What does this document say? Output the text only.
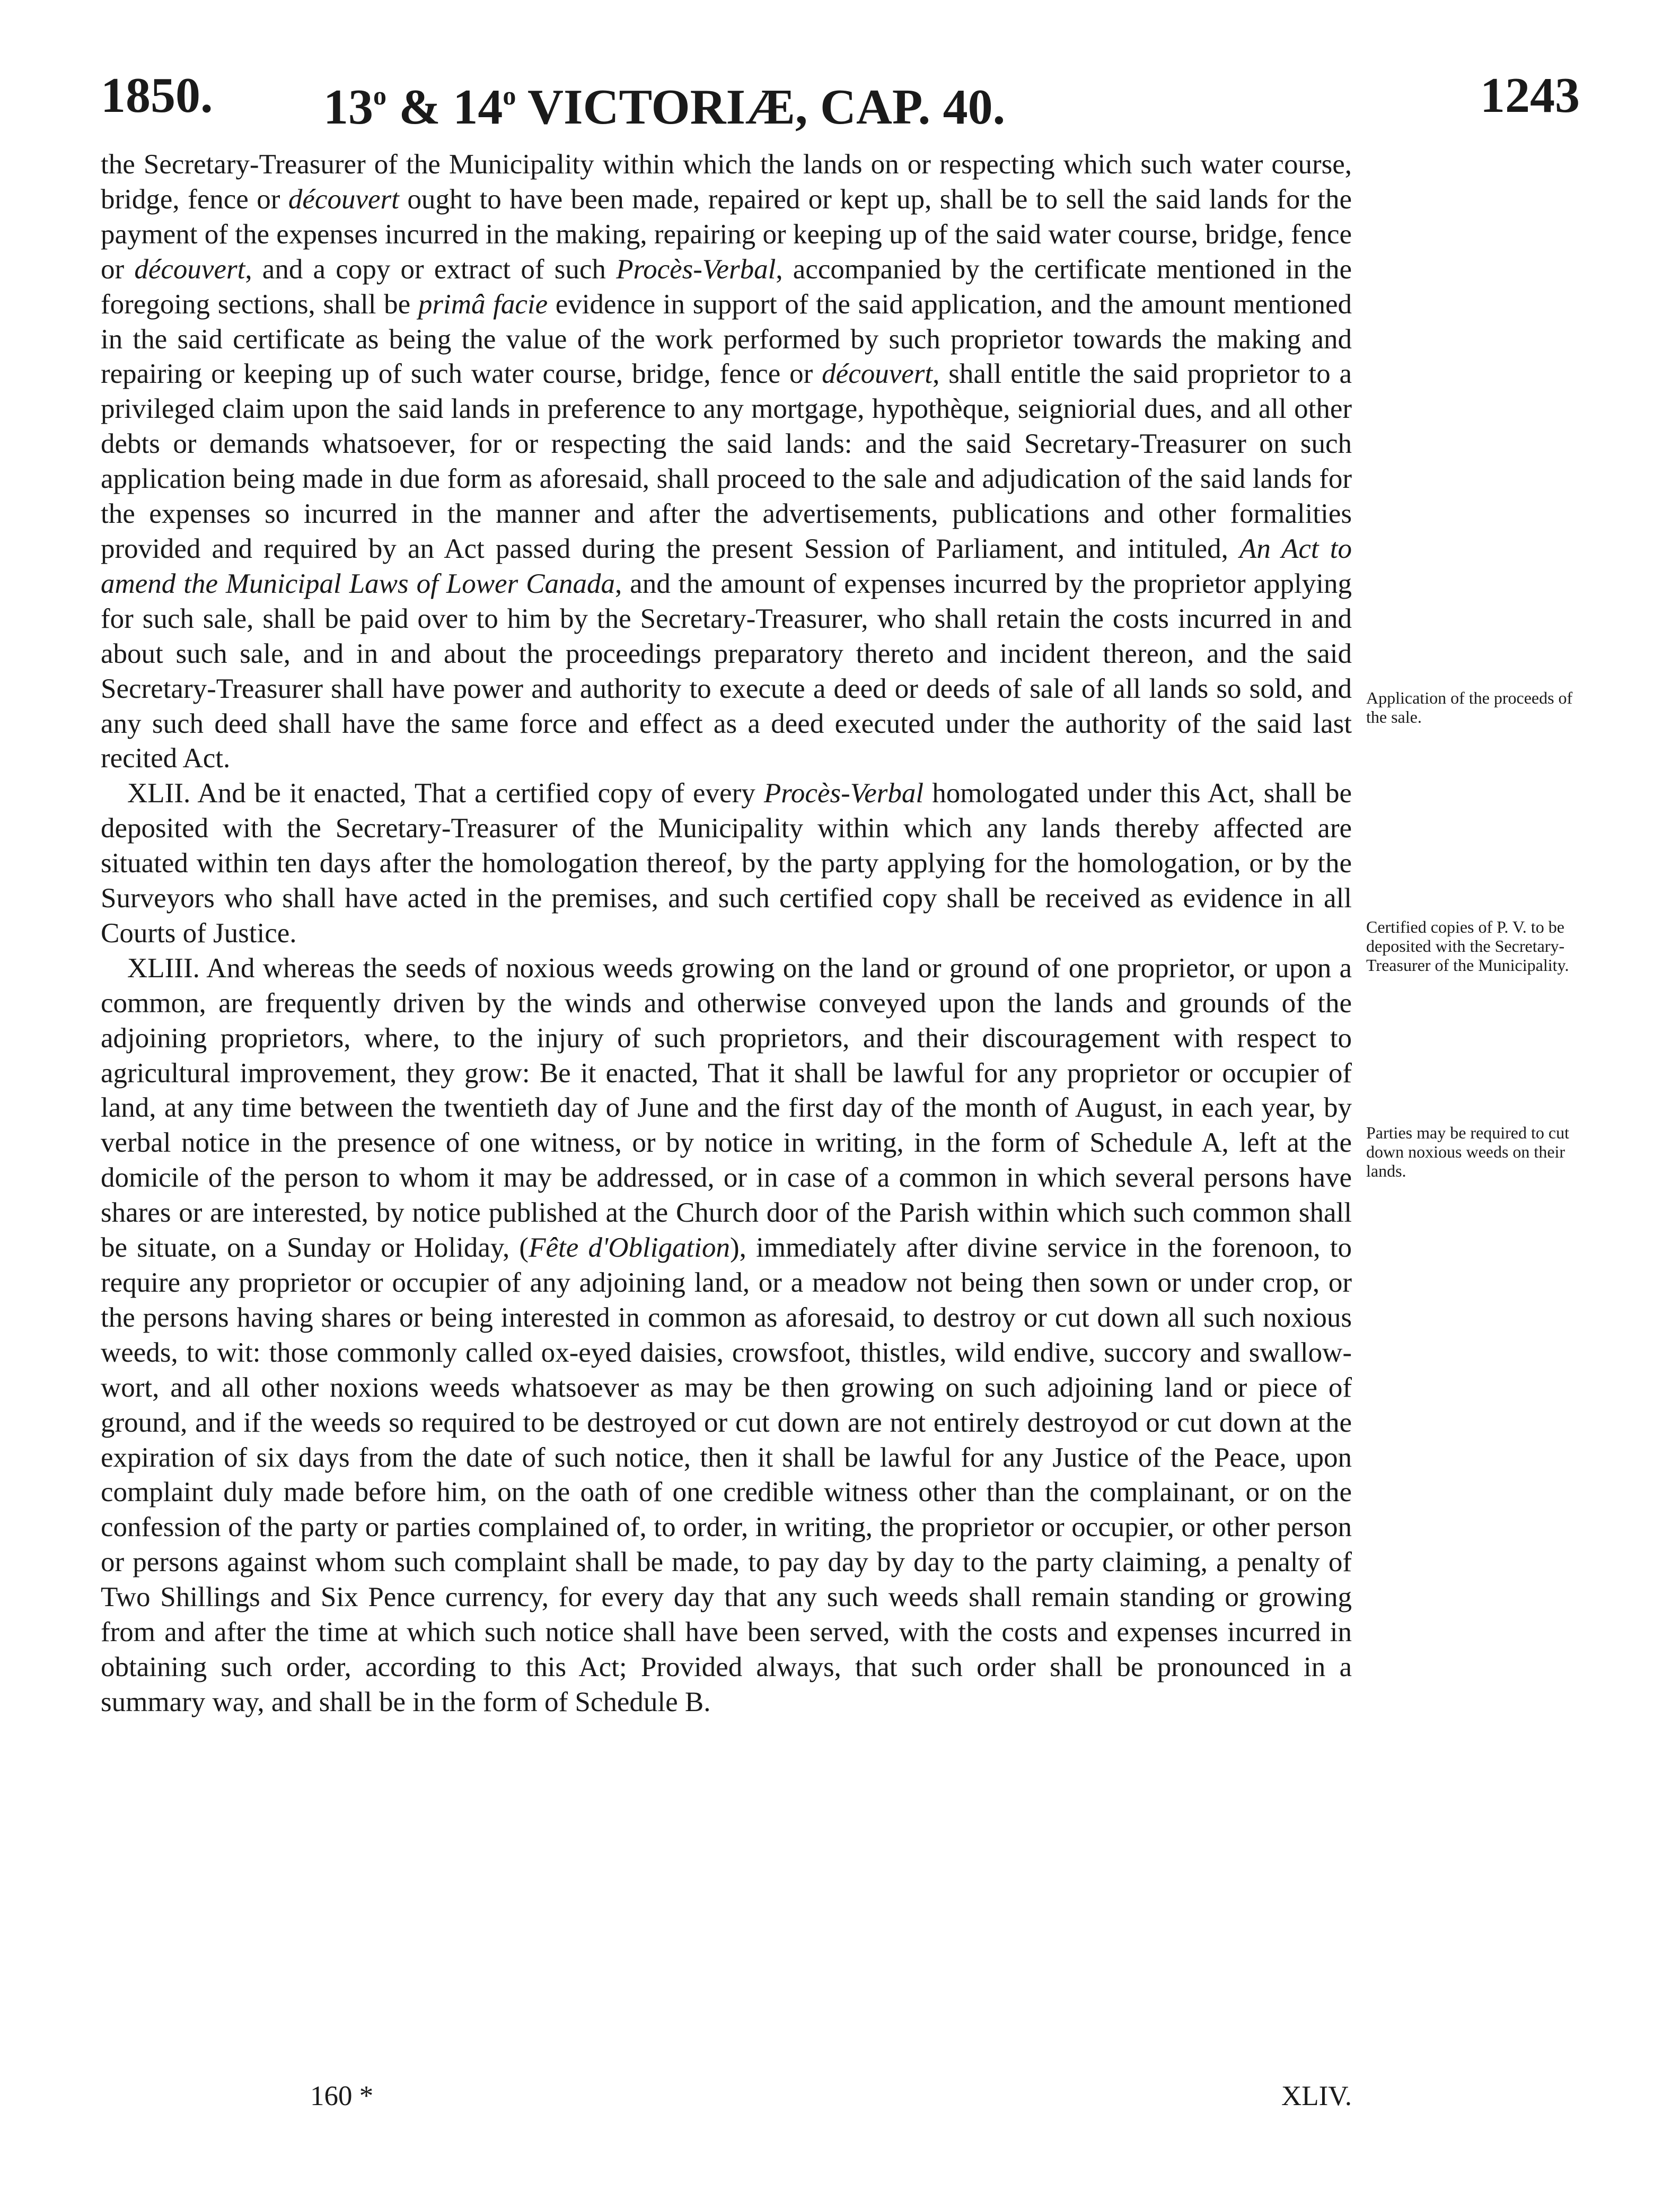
1850. 13$^o$ & 14$^o$ VICTORIÆ, CAP. 40.	1243

the Secretary-Treasurer of the Municipality within which the lands on or respecting which such water course, bridge, fence or découvert ought to have been made, repaired or kept up, shall be to sell the said lands for the payment of the expenses incurred in the making, repairing or keeping up of the said water course, bridge, fence or découvert, and a copy or extract of such Procès-Verbal, accompanied by the certificate mentioned in the foregoing sections, shall be primâ facie evidence in support of the said application, and the amount mentioned in the said certificate as being the value of the work performed by such proprietor towards the making and repairing or keeping up of such water course, bridge, fence or découvert, shall entitle the said proprietor to a privileged claim upon the said lands in preference to any mortgage, hypothèque, seigniorial dues, and all other debts or demands whatsoever, for or respecting the said lands: and the said Secretary-Treasurer on such application being made in due form as aforesaid, shall proceed to the sale and adjudication of the said lands for the expenses so incurred in the manner and after the advertisements, publications and other formalities provided and required by an Act passed during the present Session of Parliament, and intituled, An Act to amend the Municipal Laws of Lower Canada, and the amount of expenses incurred by the proprietor applying for such sale, shall be paid over to him by the Secretary-Treasurer, who shall retain the costs incurred in and about such sale, and in and about the proceedings preparatory thereto and incident thereon, and the said Secretary-Treasurer shall have power and authority to execute a deed or deeds of sale of all lands so sold, and any such deed shall have the same force and effect as a deed executed under the authority of the said last recited Act.

XLII. And be it enacted, That a certified copy of every Procès-Verbal homologated under this Act, shall be deposited with the Secretary-Treasurer of the Municipality within which any lands thereby affected are situated within ten days after the homologation thereof, by the party applying for the homologation, or by the Surveyors who shall have acted in the premises, and such certified copy shall be received as evidence in all Courts of Justice.

XLIII. And whereas the seeds of noxious weeds growing on the land or ground of one proprietor, or upon a common, are frequently driven by the winds and otherwise conveyed upon the lands and grounds of the adjoining proprietors, where, to the injury of such proprietors, and their discouragement with respect to agricultural improvement, they grow: Be it enacted, That it shall be lawful for any proprietor or occupier of land, at any time between the twentieth day of June and the first day of the month of August, in each year, by verbal notice in the presence of one witness, or by notice in writing, in the form of Schedule A, left at the domicile of the person to whom it may be addressed, or in case of a common in which several persons have shares or are interested, by notice published at the Church door of the Parish within which such common shall be situate, on a Sunday or Holiday, (Fête d'Obligation), immediately after divine service in the forenoon, to require any proprietor or occupier of any adjoining land, or a meadow not being then sown or under crop, or the persons having shares or being interested in common as aforesaid, to destroy or cut down all such noxious weeds, to wit: those commonly called ox-eyed daisies, crowsfoot, thistles, wild endive, succory and swallow-wort, and all other noxions weeds whatsoever as may be then growing on such adjoining land or piece of ground, and if the weeds so required to be destroyed or cut down are not entirely destroyod or cut down at the expiration of six days from the date of such notice, then it shall be lawful for any Justice of the Peace, upon complaint duly made before him, on the oath of one credible witness other than the complainant, or on the confession of the party or parties complained of, to order, in writing, the proprietor or occupier, or other person or persons against whom such complaint shall be made, to pay day by day to the party claiming, a penalty of Two Shillings and Six Pence currency, for every day that any such weeds shall remain standing or growing from and after the time at which such notice shall have been served, with the costs and expenses incurred in obtaining such order, according to this Act; Provided always, that such order shall be pronounced in a summary way, and shall be in the form of Schedule B.

Application of the proceeds of the sale.
Certified copies of P. V. to be deposited with the Secretary-Treasurer of the Municipality.
Parties may be required to cut down noxious weeds on their lands.
160 *	XLIV.
